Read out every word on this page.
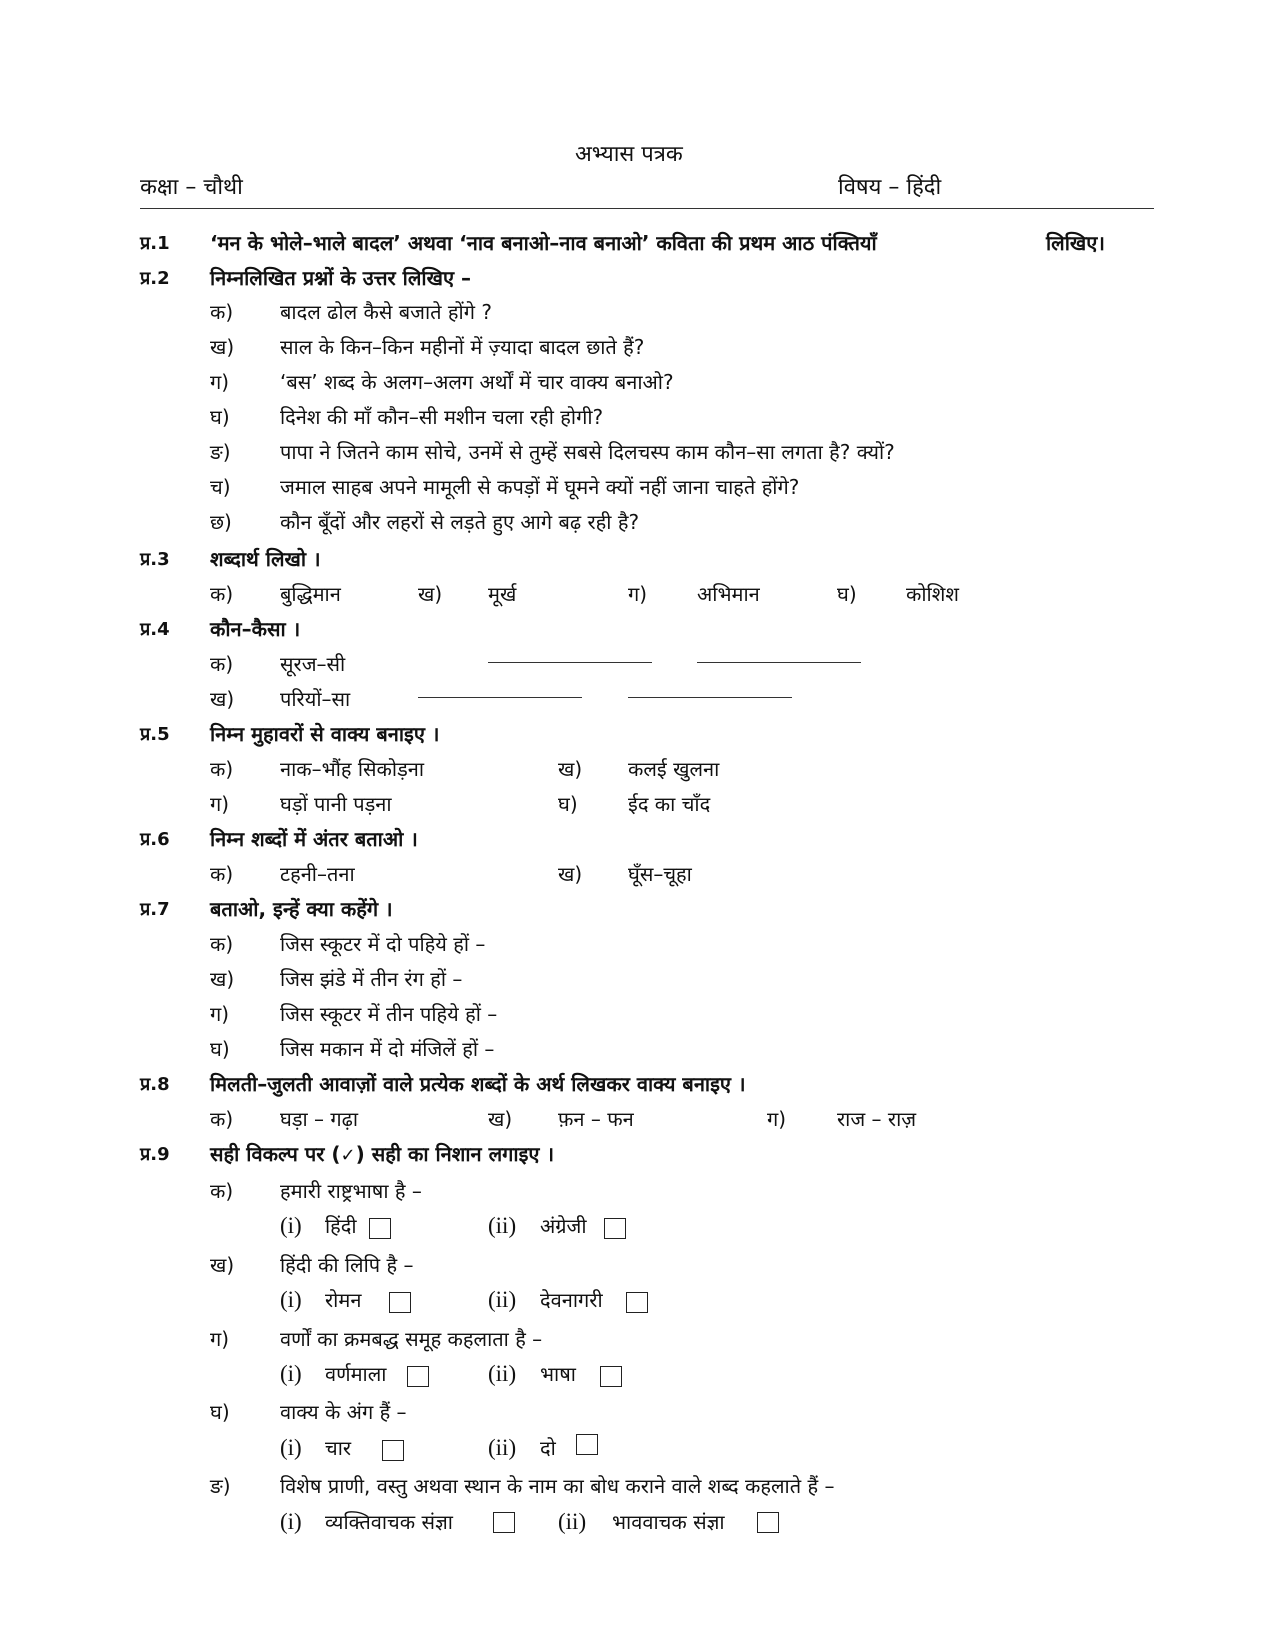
अभ्यास पत्रक
कक्षा – चौथी	विषय – हिंदी
प्र.1 ‘मन के भोले–भाले बादल’ अथवा ‘नाव बनाओ–नाव बनाओ’ कविता की प्रथम आठ पंक्तियाँ	लिखिए।
प्र.2 निम्नलिखित प्रश्नों के उत्तर लिखिए –
क) बादल ढोल कैसे बजाते होंगे ?
ख) साल के किन–किन महीनों में ज़्यादा बादल छाते हैं?
ग)	‘बस’ शब्द के अलग–अलग अर्थों में चार वाक्य बनाओ?
घ)	दिनेश की माँ कौन–सी मशीन चला रही होगी?
ङ) पापा ने जितने काम सोचे, उनमें से तुम्हें सबसे दिलचस्प काम कौन–सा लगता है? क्यों?
च) जमाल साहब अपने मामूली से कपड़ों में घूमने क्यों नहीं जाना चाहते होंगे?
छ) कौन बूँदों और लहरों से लड़ते हुए आगे बढ़ रही है?
प्र.3 शब्दार्थ लिखो ।
क) बुद्धिमान	ख) मूर्ख	ग) अभिमान	घ) कोशिश
प्र.4 कौन–कैसा ।
क) सूरज–सी
ख) परियों–सा
प्र.5 निम्न मुहावरों से वाक्य बनाइए ।
क) नाक–भौंह सिकोड़ना	ख) कलई खुलना
ग)	घड़ों पानी पड़ना	घ)	ईद का चाँद
प्र.6 निम्न शब्दों में अंतर बताओ ।
क) टहनी–तना	ख) घूँस–चूहा
प्र.7 बताओ, इन्हें क्या कहेंगे ।
क) जिस स्कूटर में दो पहिये हों –
ख) जिस झंडे में तीन रंग हों –
ग)	जिस स्कूटर में तीन पहिये हों –
घ)	जिस मकान में दो मंजिलें हों –
प्र.8 मिलती–जुलती आवाज़ों वाले प्रत्येक शब्दों के अर्थ लिखकर वाक्य बनाइए ।
क) घड़ा – गढ़ा	ख) फ़न – फन	ग)	राज – राज़
प्र.9 सही विकल्प पर (✓) सही का निशान लगाइए ।
क) हमारी राष्ट्रभाषा है –
(i) हिंदी	(ii) अंग्रेजी
ख) हिंदी की लिपि है –
(i) रोमन	(ii) देवनागरी
ग)	वर्णों का क्रमबद्ध समूह कहलाता है –
(i) वर्णमाला	(ii) भाषा
घ)	वाक्य के अंग हैं –
(i) चार	(ii) दो
ङ) विशेष प्राणी, वस्तु अथवा स्थान के नाम का बोध कराने वाले शब्द कहलाते हैं –
(i) व्यक्तिवाचक संज्ञा	(ii) भाववाचक संज्ञा
